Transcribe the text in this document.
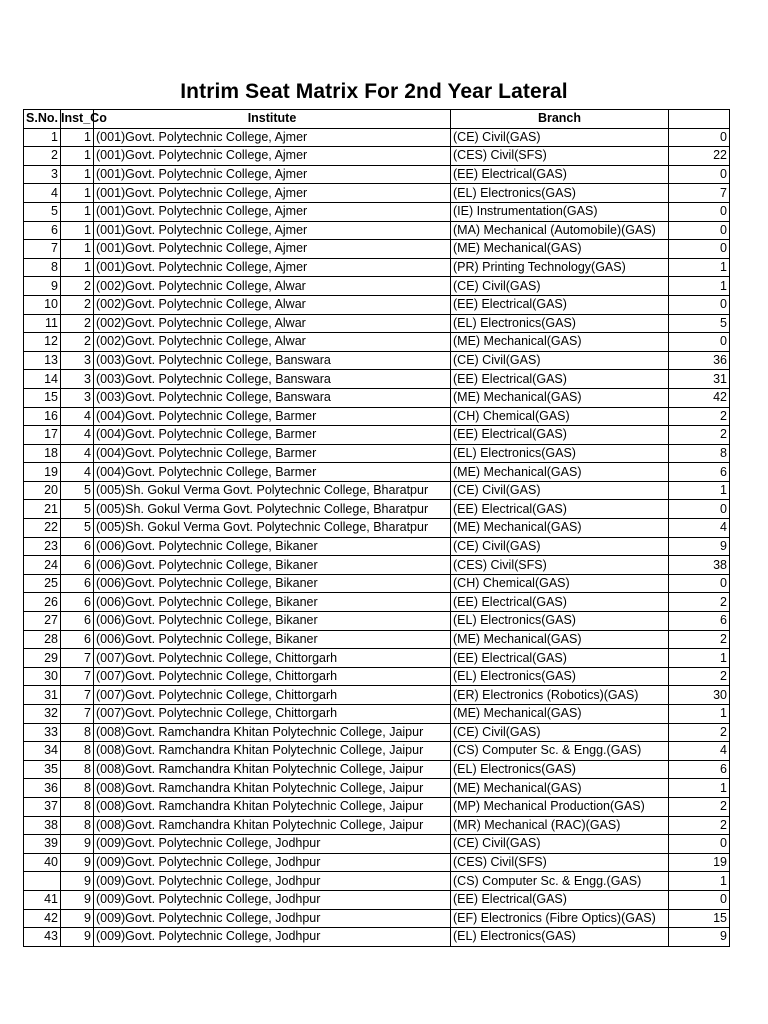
Intrim Seat Matrix For 2nd Year Lateral
S.No.	Inst_Co	Institute	Branch	
1	1	(001)Govt. Polytechnic College, Ajmer	(CE) Civil(GAS)	0
2	1	(001)Govt. Polytechnic College, Ajmer	(CES) Civil(SFS)	22
3	1	(001)Govt. Polytechnic College, Ajmer	(EE) Electrical(GAS)	0
4	1	(001)Govt. Polytechnic College, Ajmer	(EL) Electronics(GAS)	7
5	1	(001)Govt. Polytechnic College, Ajmer	(IE) Instrumentation(GAS)	0
6	1	(001)Govt. Polytechnic College, Ajmer	(MA) Mechanical (Automobile)(GAS)	0
7	1	(001)Govt. Polytechnic College, Ajmer	(ME) Mechanical(GAS)	0
8	1	(001)Govt. Polytechnic College, Ajmer	(PR) Printing Technology(GAS)	1
9	2	(002)Govt. Polytechnic College, Alwar	(CE) Civil(GAS)	1
10	2	(002)Govt. Polytechnic College, Alwar	(EE) Electrical(GAS)	0
11	2	(002)Govt. Polytechnic College, Alwar	(EL) Electronics(GAS)	5
12	2	(002)Govt. Polytechnic College, Alwar	(ME) Mechanical(GAS)	0
13	3	(003)Govt. Polytechnic College, Banswara	(CE) Civil(GAS)	36
14	3	(003)Govt. Polytechnic College, Banswara	(EE) Electrical(GAS)	31
15	3	(003)Govt. Polytechnic College, Banswara	(ME) Mechanical(GAS)	42
16	4	(004)Govt. Polytechnic College, Barmer	(CH) Chemical(GAS)	2
17	4	(004)Govt. Polytechnic College, Barmer	(EE) Electrical(GAS)	2
18	4	(004)Govt. Polytechnic College, Barmer	(EL) Electronics(GAS)	8
19	4	(004)Govt. Polytechnic College, Barmer	(ME) Mechanical(GAS)	6
20	5	(005)Sh. Gokul Verma Govt. Polytechnic College, Bharatpur	(CE) Civil(GAS)	1
21	5	(005)Sh. Gokul Verma Govt. Polytechnic College, Bharatpur	(EE) Electrical(GAS)	0
22	5	(005)Sh. Gokul Verma Govt. Polytechnic College, Bharatpur	(ME) Mechanical(GAS)	4
23	6	(006)Govt. Polytechnic College, Bikaner	(CE) Civil(GAS)	9
24	6	(006)Govt. Polytechnic College, Bikaner	(CES) Civil(SFS)	38
25	6	(006)Govt. Polytechnic College, Bikaner	(CH) Chemical(GAS)	0
26	6	(006)Govt. Polytechnic College, Bikaner	(EE) Electrical(GAS)	2
27	6	(006)Govt. Polytechnic College, Bikaner	(EL) Electronics(GAS)	6
28	6	(006)Govt. Polytechnic College, Bikaner	(ME) Mechanical(GAS)	2
29	7	(007)Govt. Polytechnic College, Chittorgarh	(EE) Electrical(GAS)	1
30	7	(007)Govt. Polytechnic College, Chittorgarh	(EL) Electronics(GAS)	2
31	7	(007)Govt. Polytechnic College, Chittorgarh	(ER) Electronics (Robotics)(GAS)	30
32	7	(007)Govt. Polytechnic College, Chittorgarh	(ME) Mechanical(GAS)	1
33	8	(008)Govt. Ramchandra Khitan Polytechnic College, Jaipur	(CE) Civil(GAS)	2
34	8	(008)Govt. Ramchandra Khitan Polytechnic College, Jaipur	(CS) Computer Sc. & Engg.(GAS)	4
35	8	(008)Govt. Ramchandra Khitan Polytechnic College, Jaipur	(EL) Electronics(GAS)	6
36	8	(008)Govt. Ramchandra Khitan Polytechnic College, Jaipur	(ME) Mechanical(GAS)	1
37	8	(008)Govt. Ramchandra Khitan Polytechnic College, Jaipur	(MP) Mechanical Production(GAS)	2
38	8	(008)Govt. Ramchandra Khitan Polytechnic College, Jaipur	(MR) Mechanical (RAC)(GAS)	2
39	9	(009)Govt. Polytechnic College, Jodhpur	(CE) Civil(GAS)	0
40	9	(009)Govt. Polytechnic College, Jodhpur	(CES) Civil(SFS)	19
	9	(009)Govt. Polytechnic College, Jodhpur	(CS) Computer Sc. & Engg.(GAS)	1
41	9	(009)Govt. Polytechnic College, Jodhpur	(EE) Electrical(GAS)	0
42	9	(009)Govt. Polytechnic College, Jodhpur	(EF) Electronics (Fibre Optics)(GAS)	15
43	9	(009)Govt. Polytechnic College, Jodhpur	(EL) Electronics(GAS)	9
